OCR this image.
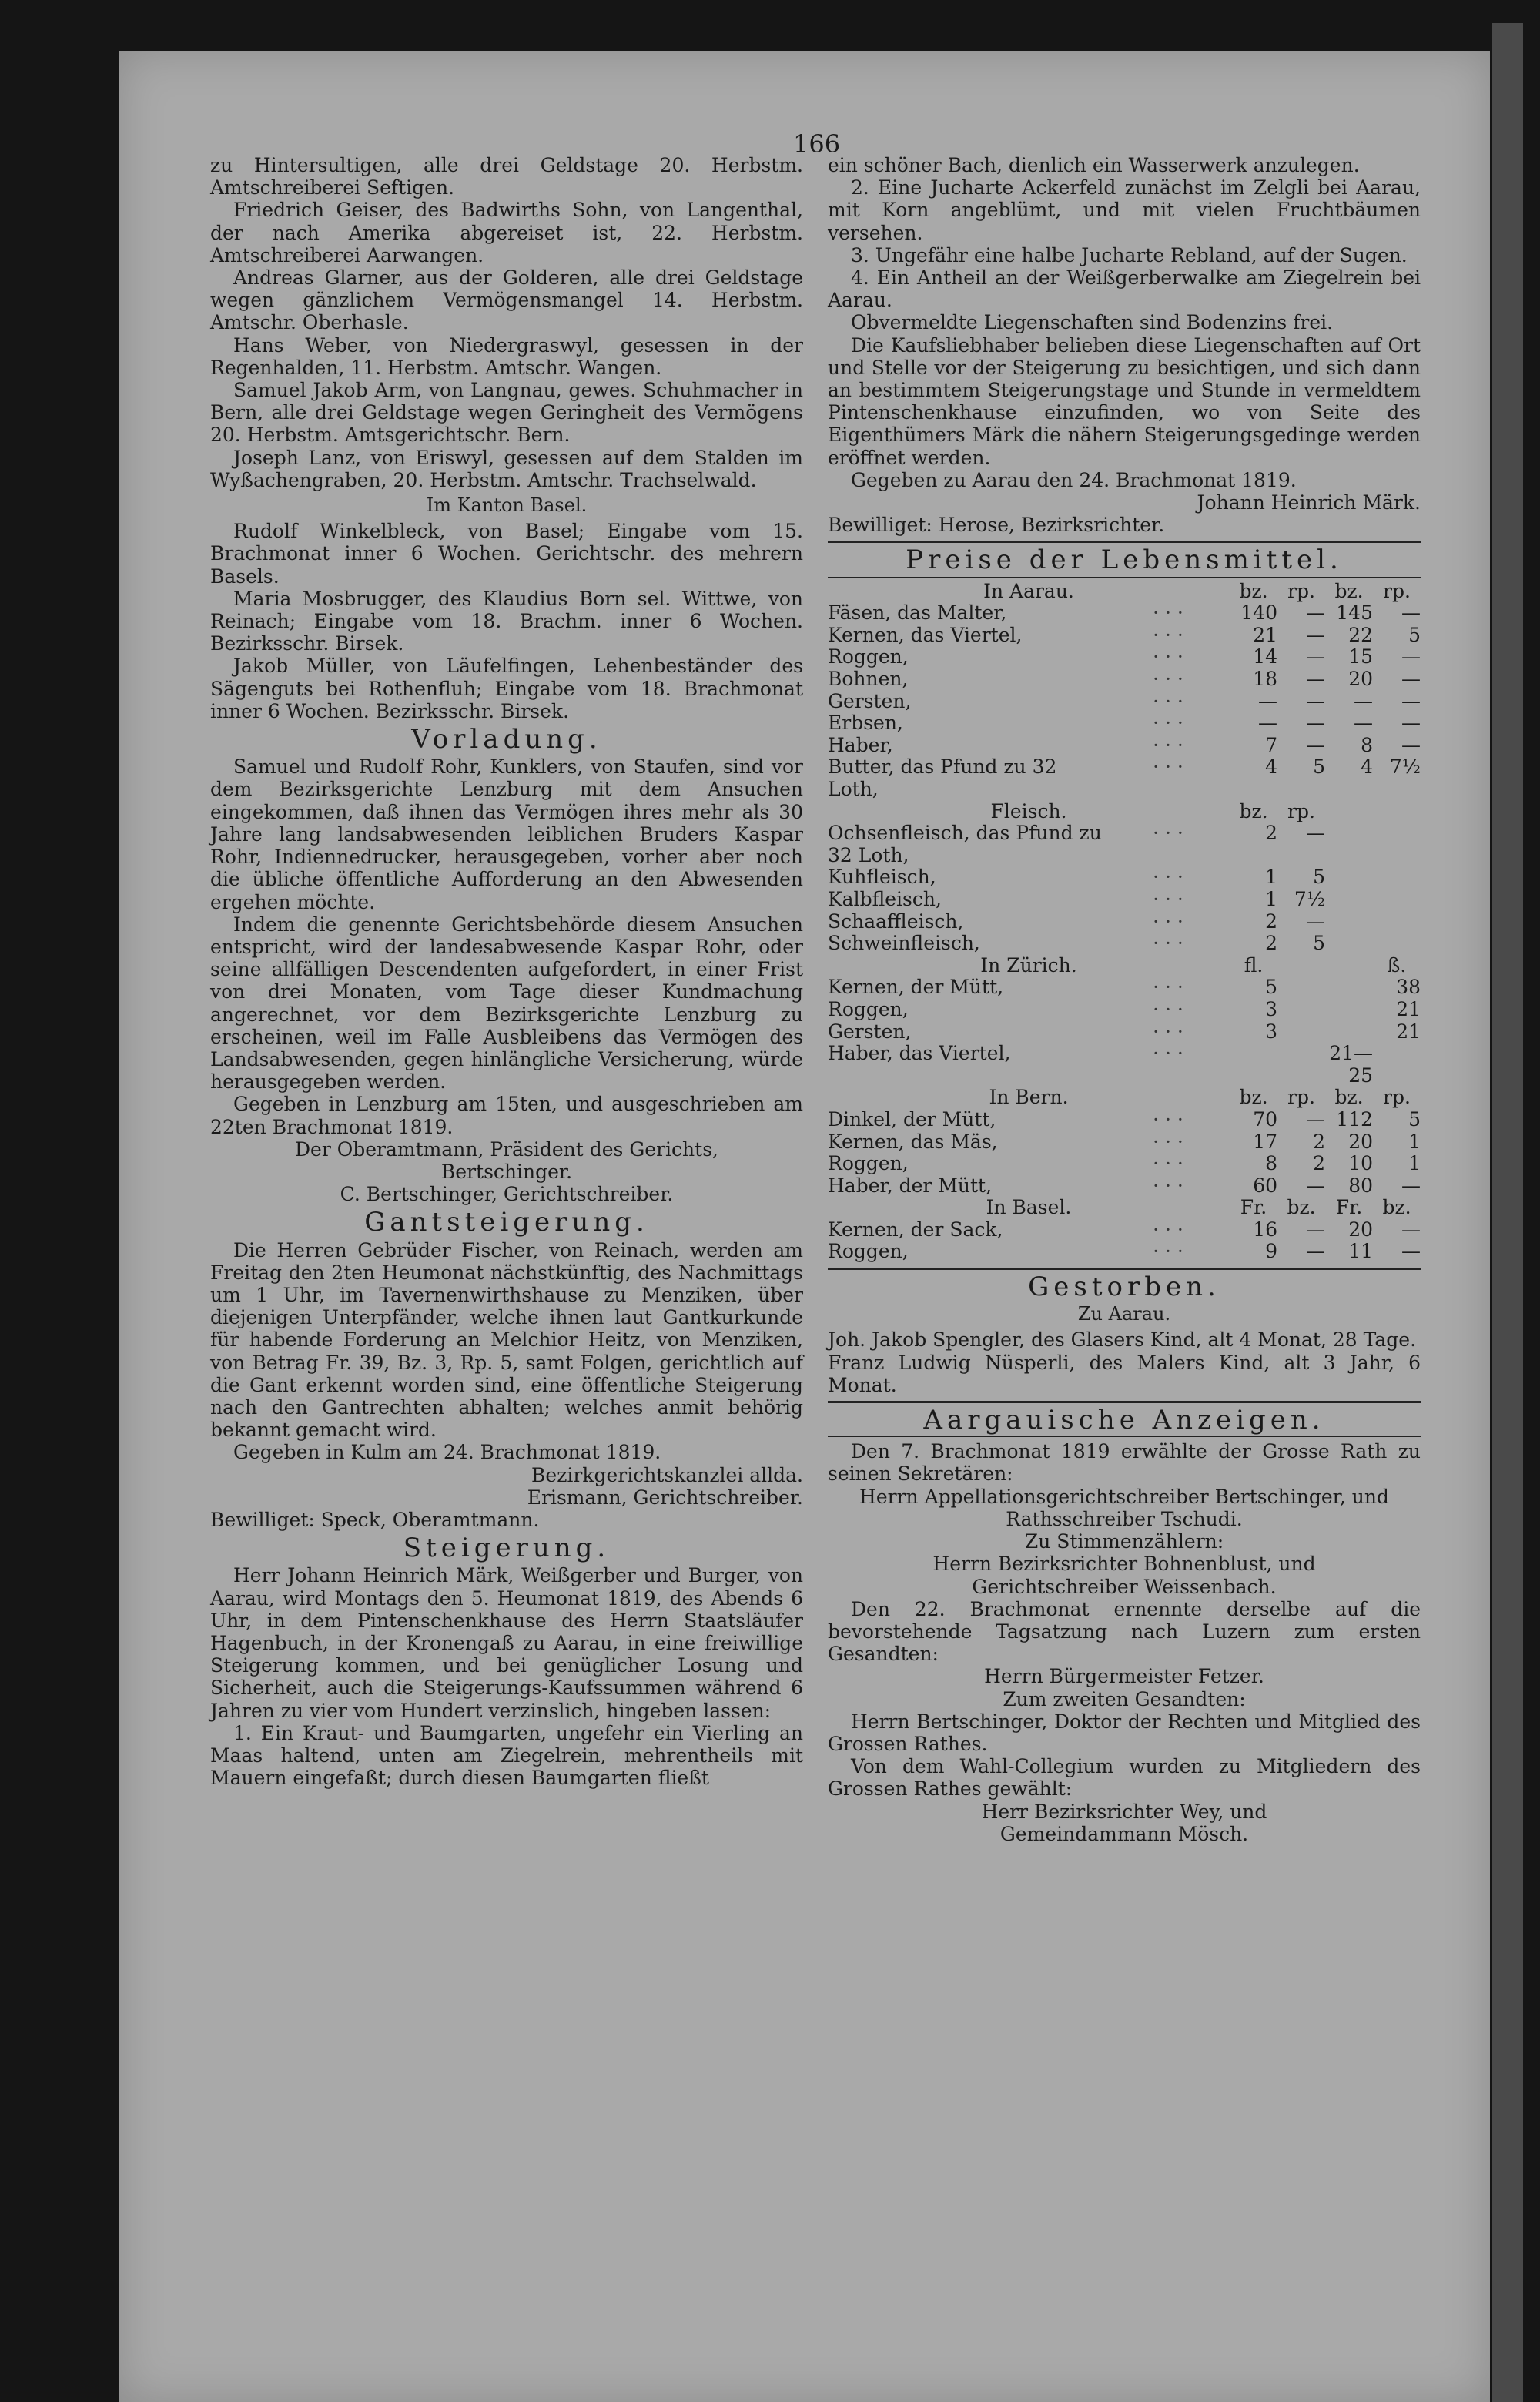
166

zu Hintersultigen, alle drei Geldstage 20. Herbstm. Amtschreiberei Seftigen.

Friedrich Geiser, des Badwirths Sohn, von Langenthal, der nach Amerika abgereiset ist, 22. Herbstm. Amtschreiberei Aarwangen.

Andreas Glarner, aus der Golderen, alle drei Geldstage wegen gänzlichem Vermögensmangel 14. Herbstm. Amtschr. Oberhasle.

Hans Weber, von Niedergraswyl, gesessen in der Regenhalden, 11. Herbstm. Amtschr. Wangen.

Samuel Jakob Arm, von Langnau, gewes. Schuhmacher in Bern, alle drei Geldstage wegen Geringheit des Vermögens 20. Herbstm. Amtsgerichtschr. Bern.

Joseph Lanz, von Eriswyl, gesessen auf dem Stalden im Wyßachengraben, 20. Herbstm. Amtschr. Trachselwald.

Im Kanton Basel.

Rudolf Winkelbleck, von Basel; Eingabe vom 15. Brachmonat inner 6 Wochen. Gerichtschr. des mehrern Basels.

Maria Mosbrugger, des Klaudius Born sel. Wittwe, von Reinach; Eingabe vom 18. Brachm. inner 6 Wochen. Bezirksschr. Birsek.

Jakob Müller, von Läufelfingen, Lehenbeständer des Sägenguts bei Rothenfluh; Eingabe vom 18. Brachmonat inner 6 Wochen. Bezirksschr. Birsek.

Vorladung.

Samuel und Rudolf Rohr, Kunklers, von Staufen, sind vor dem Bezirksgerichte Lenzburg mit dem Ansuchen eingekommen, daß ihnen das Vermögen ihres mehr als 30 Jahre lang landsabwesenden leiblichen Bruders Kaspar Rohr, Indiennedrucker, herausgegeben, vorher aber noch die übliche öffentliche Aufforderung an den Abwesenden ergehen möchte.

Indem die genennte Gerichtsbehörde diesem Ansuchen entspricht, wird der landesabwesende Kaspar Rohr, oder seine allfälligen Descendenten aufgefordert, in einer Frist von drei Monaten, vom Tage dieser Kundmachung angerechnet, vor dem Bezirksgerichte Lenzburg zu erscheinen, weil im Falle Ausbleibens das Vermögen des Landsabwesenden, gegen hinlängliche Versicherung, würde herausgegeben werden.

Gegeben in Lenzburg am 15ten, und ausgeschrieben am 22ten Brachmonat 1819.

Der Oberamtmann, Präsident des Gerichts,

Bertschinger.

C. Bertschinger, Gerichtschreiber.

Gantsteigerung.

Die Herren Gebrüder Fischer, von Reinach, werden am Freitag den 2ten Heumonat nächstkünftig, des Nachmittags um 1 Uhr, im Tavernenwirthshause zu Menziken, über diejenigen Unterpfänder, welche ihnen laut Gantkurkunde für habende Forderung an Melchior Heitz, von Menziken, von Betrag Fr. 39, Bz. 3, Rp. 5, samt Folgen, gerichtlich auf die Gant erkennt worden sind, eine öffentliche Steigerung nach den Gantrechten abhalten; welches anmit behörig bekannt gemacht wird.

Gegeben in Kulm am 24. Brachmonat 1819.

Bezirkgerichtskanzlei allda.

Erismann, Gerichtschreiber.

Bewilliget: Speck, Oberamtmann.

Steigerung.

Herr Johann Heinrich Märk, Weißgerber und Burger, von Aarau, wird Montags den 5. Heumonat 1819, des Abends 6 Uhr, in dem Pintenschenkhause des Herrn Staatsläufer Hagenbuch, in der Kronengaß zu Aarau, in eine freiwillige Steigerung kommen, und bei genüglicher Losung und Sicherheit, auch die Steigerungs-Kaufssummen während 6 Jahren zu vier vom Hundert verzinslich, hingeben lassen:

1. Ein Kraut- und Baumgarten, ungefehr ein Vierling an Maas haltend, unten am Ziegelrein, mehrentheils mit Mauern eingefaßt; durch diesen Baumgarten fließt

ein schöner Bach, dienlich ein Wasserwerk anzulegen.

2. Eine Jucharte Ackerfeld zunächst im Zelgli bei Aarau, mit Korn angeblümt, und mit vielen Fruchtbäumen versehen.

3. Ungefähr eine halbe Jucharte Rebland, auf der Sugen.

4. Ein Antheil an der Weißgerberwalke am Ziegelrein bei Aarau.

Obvermeldte Liegenschaften sind Bodenzins frei.

Die Kaufsliebhaber belieben diese Liegenschaften auf Ort und Stelle vor der Steigerung zu besichtigen, und sich dann an bestimmtem Steigerungstage und Stunde in vermeldtem Pintenschenkhause einzufinden, wo von Seite des Eigenthümers Märk die nähern Steigerungsgedinge werden eröffnet werden.

Gegeben zu Aarau den 24. Brachmonat 1819.

Johann Heinrich Märk.

Bewilliget: Herose, Bezirksrichter.

Preise der Lebensmittel.

In Aarau.		bz.	rp.	bz.	rp.
Fäsen, das Malter,	· · ·	140	—	145	—
Kernen, das Viertel,	· · ·	21	—	22	5
Roggen,	· · ·	14	—	15	—
Bohnen,	· · ·	18	—	20	—
Gersten,	· · ·	—	—	—	—
Erbsen,	· · ·	—	—	—	—
Haber,	· · ·	7	—	8	—
Butter, das Pfund zu 32 Loth,	· · ·	4	5	4	7½
Fleisch.		bz.	rp.		
Ochsenfleisch, das Pfund zu 32 Loth,	· · ·	2	—		
Kuhfleisch,	· · ·	1	5		
Kalbfleisch,	· · ·	1	7½		
Schaaffleisch,	· · ·	2	—		
Schweinfleisch,	· · ·	2	5		
In Zürich.		fl.			ß.
Kernen, der Mütt,	· · ·	5			38
Roggen,	· · ·	3			21
Gersten,	· · ·	3			21
Haber, das Viertel,	· · ·			21—25	
In Bern.		bz.	rp.	bz.	rp.
Dinkel, der Mütt,	· · ·	70	—	112	5
Kernen, das Mäs,	· · ·	17	2	20	1
Roggen,	· · ·	8	2	10	1
Haber, der Mütt,	· · ·	60	—	80	—
In Basel.		Fr.	bz.	Fr.	bz.
Kernen, der Sack,	· · ·	16	—	20	—
Roggen,	· · ·	9	—	11	—

Gestorben.

Zu Aarau.

Joh. Jakob Spengler, des Glasers Kind, alt 4 Monat, 28 Tage.

Franz Ludwig Nüsperli, des Malers Kind, alt 3 Jahr, 6 Monat.

Aargauische Anzeigen.

Den 7. Brachmonat 1819 erwählte der Grosse Rath zu seinen Sekretären:

Herrn Appellationsgerichtschreiber Bertschinger, und

Rathsschreiber Tschudi.

Zu Stimmenzählern:

Herrn Bezirksrichter Bohnenblust, und

Gerichtschreiber Weissenbach.

Den 22. Brachmonat ernennte derselbe auf die bevorstehende Tagsatzung nach Luzern zum ersten Gesandten:

Herrn Bürgermeister Fetzer.

Zum zweiten Gesandten:

Herrn Bertschinger, Doktor der Rechten und Mitglied des Grossen Rathes.

Von dem Wahl-Collegium wurden zu Mitgliedern des Grossen Rathes gewählt:

Herr Bezirksrichter Wey, und

Gemeindammann Mösch.
